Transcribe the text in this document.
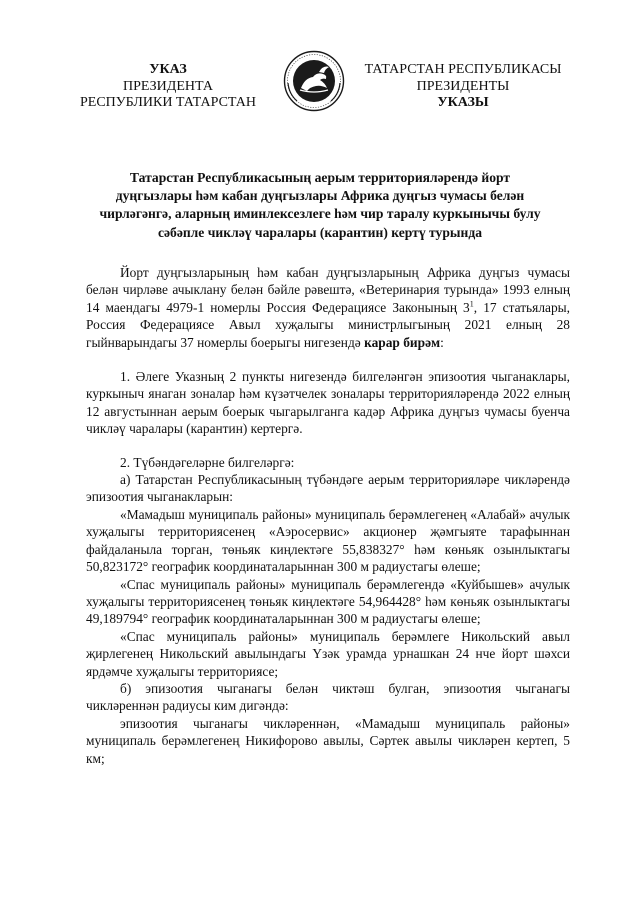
УКАЗ
ПРЕЗИДЕНТА
РЕСПУБЛИКИ ТАТАРСТАН
ТАТАРСТАН РЕСПУБЛИКАСЫ
ПРЕЗИДЕНТЫ
УКАЗЫ
Татарстан Республикасының аерым территорияләрендә йорт
дуңгызлары һәм кабан дуңгызлары Африка дуңгыз чумасы белән
чирләгәнгә, аларның иминлексезлеге һәм чир таралу куркынычы булу
сәбәпле чикләү чаралары (карантин) кертү турында

Йорт дуңгызларының һәм кабан дуңгызларының Африка дуңгыз чумасы белән чирләве ачыклану белән бәйле рәвештә, «Ветеринария турында» 1993 елның 14 маендагы 4979-1 номерлы Россия Федерациясе Законының $3^1$, 17 статьялары, Россия Федерациясе Авыл хуҗалыгы министрлыгының 2021 елның 28 гыйнварындагы 37 номерлы боерыгы нигезендә карар бирәм:

1. Әлеге Указның 2 пункты нигезендә билгеләнгән эпизоотия чыганаклары, куркыныч янаган зоналар һәм күзәтчелек зоналары территорияләрендә 2022 елның 12 августыннан аерым боерык чыгарылганга кадәр Африка дуңгыз чумасы буенча чикләү чаралары (карантин) кертергә.

2. Түбәндәгеләрне билгеләргә:

а) Татарстан Республикасының түбәндәге аерым территорияләре чикләрендә эпизоотия чыганакларын:

«Мамадыш муниципаль районы» муниципаль берәмлегенең «Алабай» ачулык хуҗалыгы территориясенең «Аэросервис» акционер җәмгыяте тарафыннан файдаланыла торган, төньяк киңлектәге 55,838327° һәм көньяк озынлыктагы 50,823172° географик координаталарыннан 300 м радиустагы өлеше;

«Спас муниципаль районы» муниципаль берәмлегендә «Куйбышев» ачулык хуҗалыгы территориясенең төньяк киңлектәге 54,964428° һәм көньяк озынлыктагы 49,189794° географик координаталарыннан 300 м радиустагы өлеше;

«Спас муниципаль районы» муниципаль берәмлеге Никольский авыл җирлегенең Никольский авылындагы Үзәк урамда урнашкан 24 нче йорт шәхси ярдәмче хуҗалыгы территориясе;

б) эпизоотия чыганагы белән чиктәш булган, эпизоотия чыганагы чикләреннән радиусы ким дигәндә:

эпизоотия чыганагы чикләреннән, «Мамадыш муниципаль районы» муниципаль берәмлегенең Никифорово авылы, Сәртек авылы чикләрен кертеп, 5 км;
